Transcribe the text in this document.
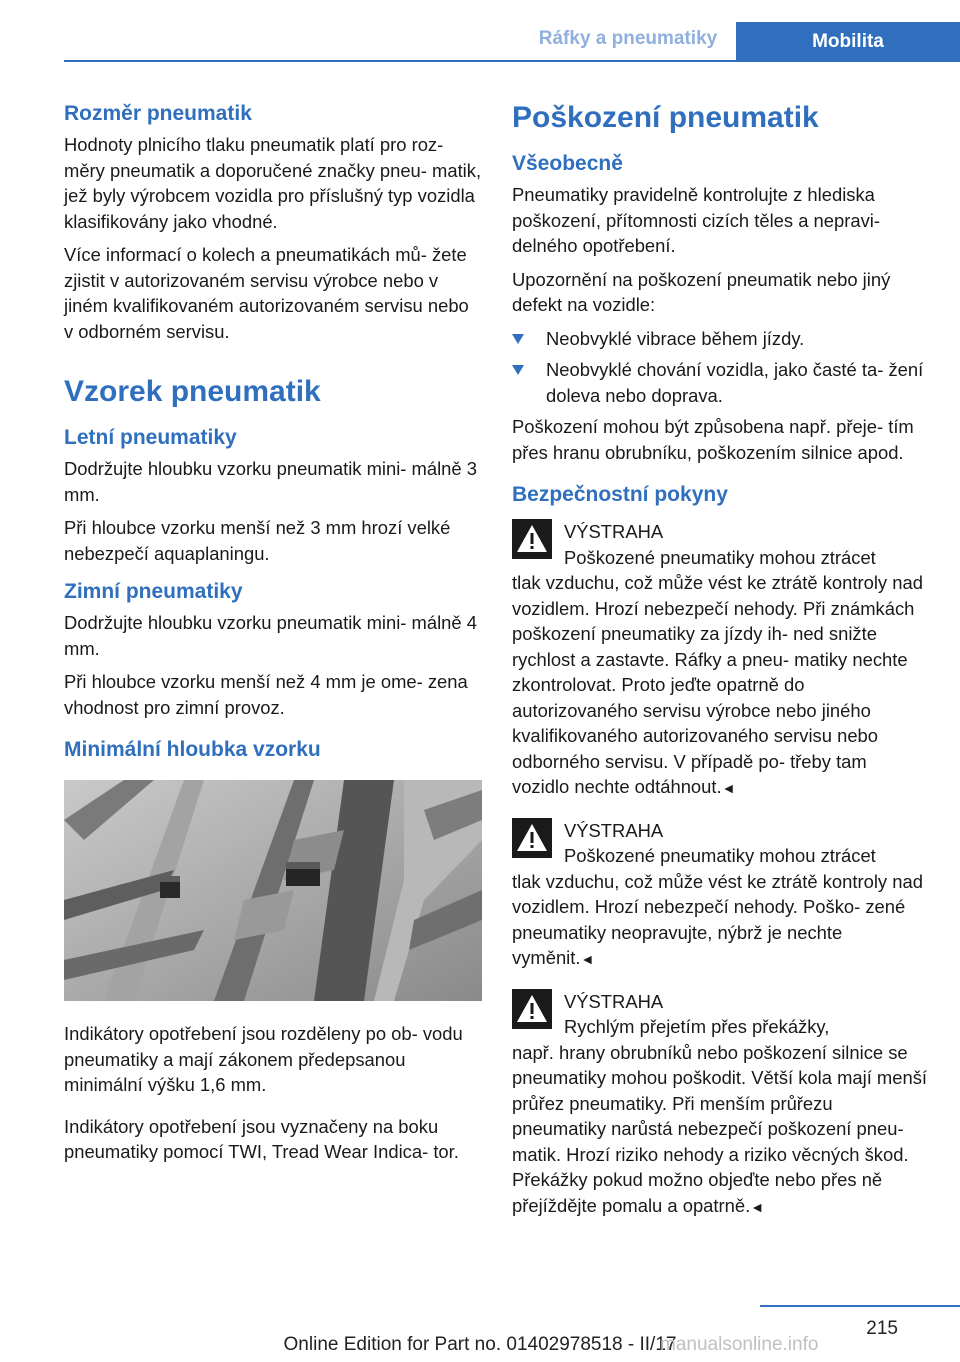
Ráfky a pneumatiky	Mobilita
Rozměr pneumatik

Hodnoty plnicího tlaku pneumatik platí pro roz‐ měry pneumatik a doporučené značky pneu‐ matik, jež byly výrobcem vozidla pro příslušný typ vozidla klasifikovány jako vhodné.

Více informací o kolech a pneumatikách mů‐ žete zjistit v autorizovaném servisu výrobce nebo v jiném kvalifikovaném autorizovaném servisu nebo v odborném servisu.

Vzorek pneumatik
Letní pneumatiky

Dodržujte hloubku vzorku pneumatik mini‐ málně 3 mm.

Při hloubce vzorku menší než 3 mm hrozí velké nebezpečí aquaplaningu.

Zimní pneumatiky

Dodržujte hloubku vzorku pneumatik mini‐ málně 4 mm.

Při hloubce vzorku menší než 4 mm je ome‐ zena vhodnost pro zimní provoz.

Minimální hloubka vzorku

Indikátory opotřebení jsou rozděleny po ob‐ vodu pneumatiky a mají zákonem předepsanou minimální výšku 1,6 mm.

Indikátory opotřebení jsou vyznačeny na boku pneumatiky pomocí TWI, Tread Wear Indica‐ tor.

Poškození pneumatik
Všeobecně

Pneumatiky pravidelně kontrolujte z hlediska poškození, přítomnosti cizích těles a nepravi‐ delného opotřebení.

Upozornění na poškození pneumatik nebo jiný defekt na vozidle:

Neobvyklé vibrace během jízdy.
Neobvyklé chování vozidla, jako časté ta‐ žení doleva nebo doprava.

Poškození mohou být způsobena např. přeje‐ tím přes hranu obrubníku, poškozením silnice apod.

Bezpečnostní pokyny

VÝSTRAHA

Poškozené pneumatiky mohou ztrácet

tlak vzduchu, což může vést ke ztrátě kontroly nad vozidlem. Hrozí nebezpečí nehody. Při známkách poškození pneumatiky za jízdy ih‐ ned snižte rychlost a zastavte. Ráfky a pneu‐ matiky nechte zkontrolovat. Proto jeďte opatrně do autorizovaného servisu výrobce nebo jiného kvalifikovaného autorizovaného servisu nebo odborného servisu. V případě po‐ třeby tam vozidlo nechte odtáhnout.◄

VÝSTRAHA

Poškozené pneumatiky mohou ztrácet

tlak vzduchu, což může vést ke ztrátě kontroly nad vozidlem. Hrozí nebezpečí nehody. Poško‐ zené pneumatiky neopravujte, nýbrž je nechte vyměnit.◄

VÝSTRAHA

Rychlým přejetím přes překážky,

např. hrany obrubníků nebo poškození silnice se pneumatiky mohou poškodit. Větší kola mají menší průřez pneumatiky. Při menším průřezu pneumatiky narůstá nebezpečí poškození pneu‐ matik. Hrozí riziko nehody a riziko věcných škod. Překážky pokud možno objeďte nebo přes ně přejíždějte pomalu a opatrně.◄

215
Online Edition for Part no. 01402978518 - II/17
manualsonline.info
